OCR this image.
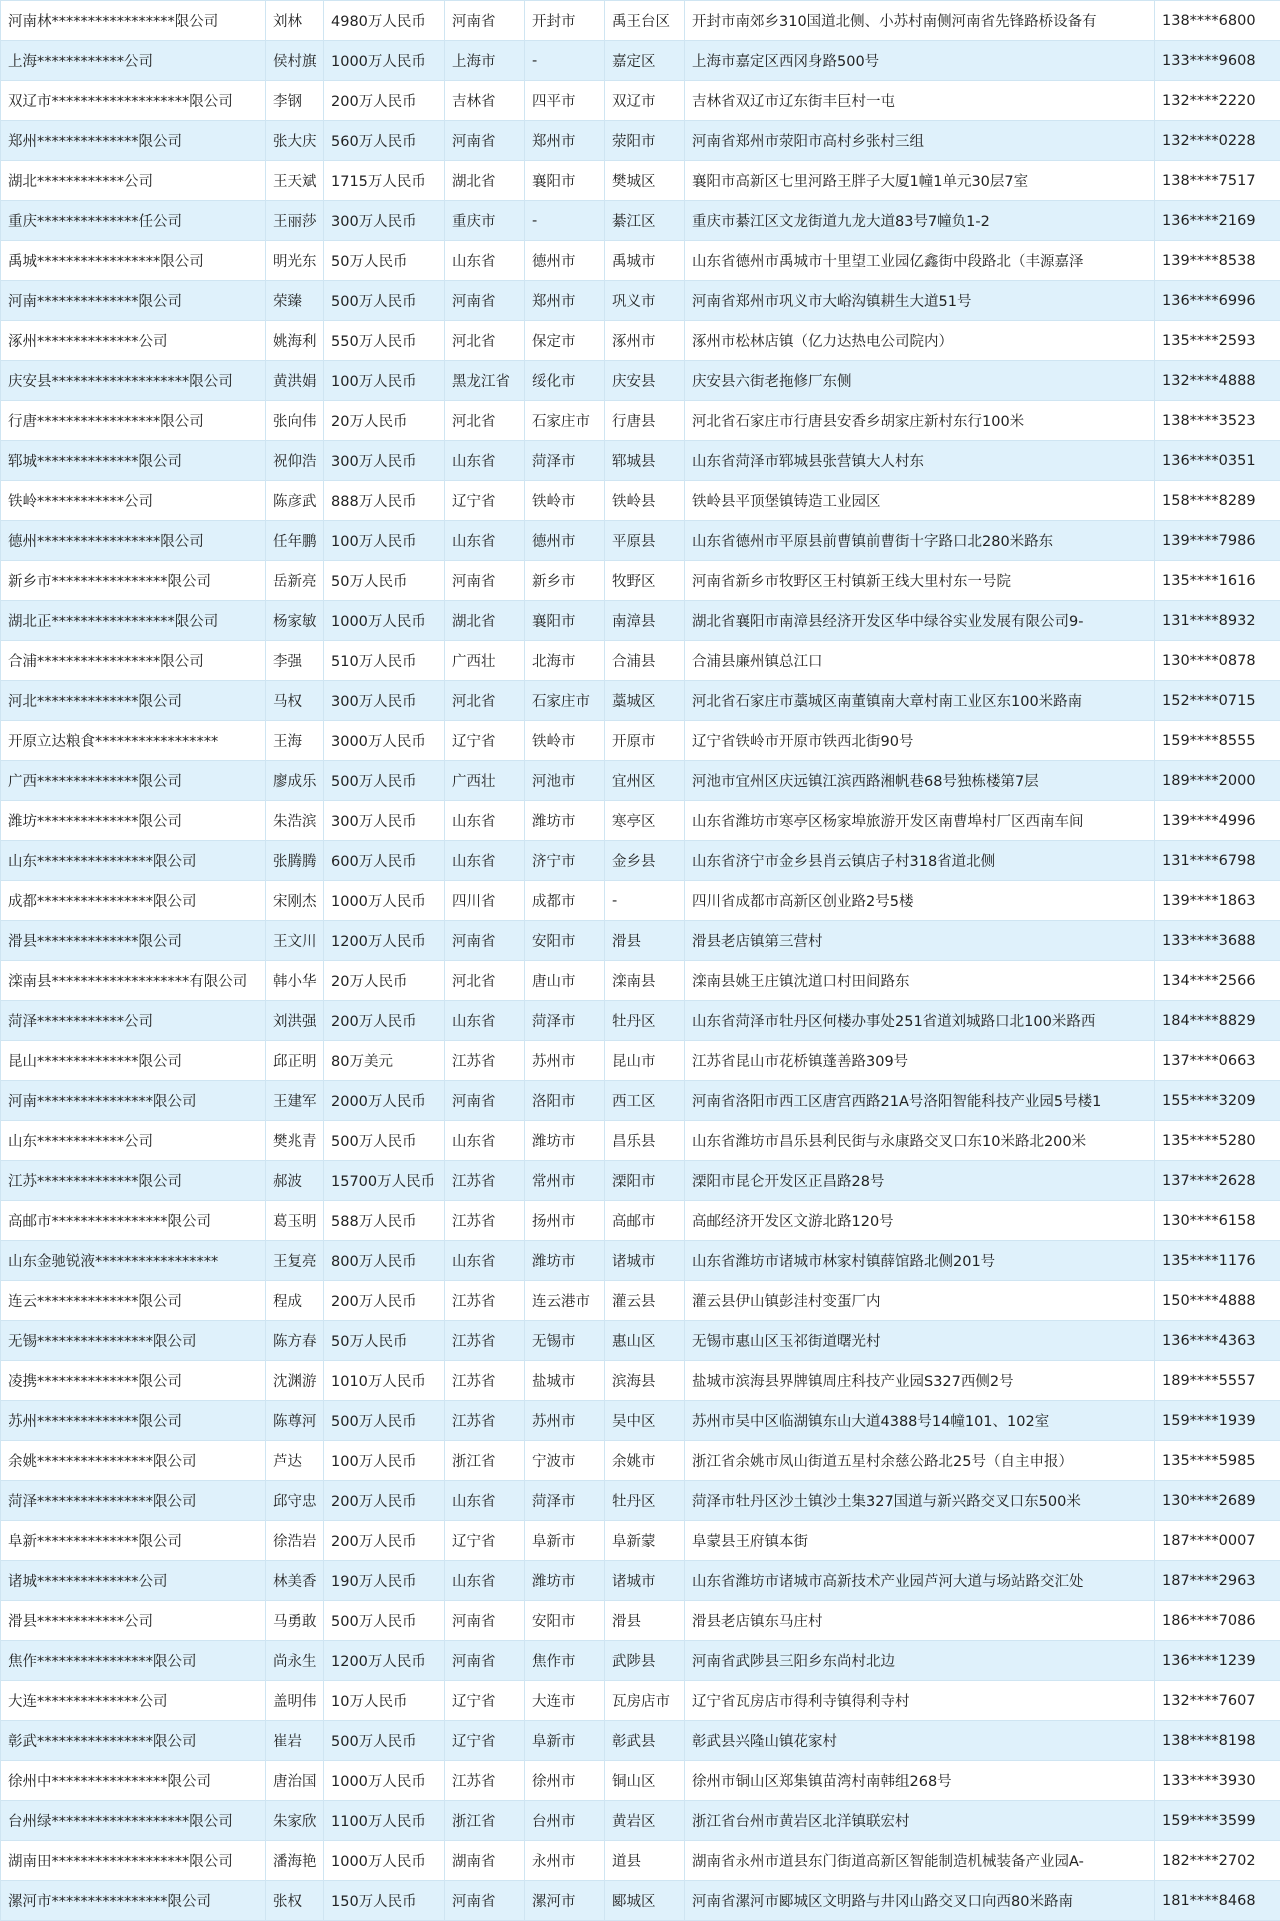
河南林*****************限公司	刘林	4980万人民币	河南省	开封市	禹王台区	开封市南郊乡310国道北侧、小苏村南侧河南省先锋路桥设备有	138****6800
上海************公司	侯村旗	1000万人民币	上海市	-	嘉定区	上海市嘉定区西冈身路500号	133****9608
双辽市*******************限公司	李钢	200万人民币	吉林省	四平市	双辽市	吉林省双辽市辽东街丰巨村一屯	132****2220
郑州**************限公司	张大庆	560万人民币	河南省	郑州市	荥阳市	河南省郑州市荥阳市高村乡张村三组	132****0228
湖北************公司	王天斌	1715万人民币	湖北省	襄阳市	樊城区	襄阳市高新区七里河路王胖子大厦1幢1单元30层7室	138****7517
重庆**************任公司	王丽莎	300万人民币	重庆市	-	綦江区	重庆市綦江区文龙街道九龙大道83号7幢负1-2	136****2169
禹城*****************限公司	明光东	50万人民币	山东省	德州市	禹城市	山东省德州市禹城市十里望工业园亿鑫街中段路北（丰源嘉泽	139****8538
河南**************限公司	荣臻	500万人民币	河南省	郑州市	巩义市	河南省郑州市巩义市大峪沟镇耕生大道51号	136****6996
涿州**************公司	姚海利	550万人民币	河北省	保定市	涿州市	涿州市松林店镇（亿力达热电公司院内）	135****2593
庆安县*******************限公司	黄洪娟	100万人民币	黑龙江省	绥化市	庆安县	庆安县六街老拖修厂东侧	132****4888
行唐*****************限公司	张向伟	20万人民币	河北省	石家庄市	行唐县	河北省石家庄市行唐县安香乡胡家庄新村东行100米	138****3523
郓城**************限公司	祝仰浩	300万人民币	山东省	菏泽市	郓城县	山东省菏泽市郓城县张营镇大人村东	136****0351
铁岭************公司	陈彦武	888万人民币	辽宁省	铁岭市	铁岭县	铁岭县平顶堡镇铸造工业园区	158****8289
德州*****************限公司	任年鹏	100万人民币	山东省	德州市	平原县	山东省德州市平原县前曹镇前曹街十字路口北280米路东	139****7986
新乡市****************限公司	岳新亮	50万人民币	河南省	新乡市	牧野区	河南省新乡市牧野区王村镇新王线大里村东一号院	135****1616
湖北正*****************限公司	杨家敏	1000万人民币	湖北省	襄阳市	南漳县	湖北省襄阳市南漳县经济开发区华中绿谷实业发展有限公司9-	131****8932
合浦*****************限公司	李强	510万人民币	广西壮	北海市	合浦县	合浦县廉州镇总江口	130****0878
河北**************限公司	马权	300万人民币	河北省	石家庄市	藁城区	河北省石家庄市藁城区南董镇南大章村南工业区东100米路南	152****0715
开原立达粮食*****************	王海	3000万人民币	辽宁省	铁岭市	开原市	辽宁省铁岭市开原市铁西北街90号	159****8555
广西**************限公司	廖成乐	500万人民币	广西壮	河池市	宜州区	河池市宜州区庆远镇江滨西路湘帆巷68号独栋楼第7层	189****2000
潍坊**************限公司	朱浩滨	300万人民币	山东省	潍坊市	寒亭区	山东省潍坊市寒亭区杨家埠旅游开发区南曹埠村厂区西南车间	139****4996
山东****************限公司	张腾腾	600万人民币	山东省	济宁市	金乡县	山东省济宁市金乡县肖云镇店子村318省道北侧	131****6798
成都****************限公司	宋刚杰	1000万人民币	四川省	成都市	-	四川省成都市高新区创业路2号5楼	139****1863
滑县**************限公司	王文川	1200万人民币	河南省	安阳市	滑县	滑县老店镇第三营村	133****3688
滦南县*******************有限公司	韩小华	20万人民币	河北省	唐山市	滦南县	滦南县姚王庄镇沈道口村田间路东	134****2566
菏泽************公司	刘洪强	200万人民币	山东省	菏泽市	牡丹区	山东省菏泽市牡丹区何楼办事处251省道刘城路口北100米路西	184****8829
昆山**************限公司	邱正明	80万美元	江苏省	苏州市	昆山市	江苏省昆山市花桥镇蓬善路309号	137****0663
河南****************限公司	王建军	2000万人民币	河南省	洛阳市	西工区	河南省洛阳市西工区唐宫西路21A号洛阳智能科技产业园5号楼1	155****3209
山东************公司	樊兆青	500万人民币	山东省	潍坊市	昌乐县	山东省潍坊市昌乐县利民街与永康路交叉口东10米路北200米	135****5280
江苏**************限公司	郝波	15700万人民币	江苏省	常州市	溧阳市	溧阳市昆仑开发区正昌路28号	137****2628
高邮市****************限公司	葛玉明	588万人民币	江苏省	扬州市	高邮市	高邮经济开发区文游北路120号	130****6158
山东金驰锐液*****************	王复亮	800万人民币	山东省	潍坊市	诸城市	山东省潍坊市诸城市林家村镇薛馆路北侧201号	135****1176
连云**************限公司	程成	200万人民币	江苏省	连云港市	灌云县	灌云县伊山镇彭洼村变蛋厂内	150****4888
无锡****************限公司	陈方春	50万人民币	江苏省	无锡市	惠山区	无锡市惠山区玉祁街道曙光村	136****4363
凌携**************限公司	沈渊游	1010万人民币	江苏省	盐城市	滨海县	盐城市滨海县界牌镇周庄科技产业园S327西侧2号	189****5557
苏州**************限公司	陈尊河	500万人民币	江苏省	苏州市	吴中区	苏州市吴中区临湖镇东山大道4388号14幢101、102室	159****1939
余姚****************限公司	芦达	100万人民币	浙江省	宁波市	余姚市	浙江省余姚市凤山街道五星村余慈公路北25号（自主申报）	135****5985
菏泽****************限公司	邱守忠	200万人民币	山东省	菏泽市	牡丹区	菏泽市牡丹区沙土镇沙土集327国道与新兴路交叉口东500米	130****2689
阜新**************限公司	徐浩岩	200万人民币	辽宁省	阜新市	阜新蒙	阜蒙县王府镇本街	187****0007
诸城**************公司	林美香	190万人民币	山东省	潍坊市	诸城市	山东省潍坊市诸城市高新技术产业园芦河大道与场站路交汇处	187****2963
滑县************公司	马勇敢	500万人民币	河南省	安阳市	滑县	滑县老店镇东马庄村	186****7086
焦作****************限公司	尚永生	1200万人民币	河南省	焦作市	武陟县	河南省武陟县三阳乡东尚村北边	136****1239
大连**************公司	盖明伟	10万人民币	辽宁省	大连市	瓦房店市	辽宁省瓦房店市得利寺镇得利寺村	132****7607
彰武****************限公司	崔岩	500万人民币	辽宁省	阜新市	彰武县	彰武县兴隆山镇花家村	138****8198
徐州中****************限公司	唐治国	1000万人民币	江苏省	徐州市	铜山区	徐州市铜山区郑集镇苗湾村南韩组268号	133****3930
台州绿*******************限公司	朱家欣	1100万人民币	浙江省	台州市	黄岩区	浙江省台州市黄岩区北洋镇联宏村	159****3599
湖南田*******************限公司	潘海艳	1000万人民币	湖南省	永州市	道县	湖南省永州市道县东门街道高新区智能制造机械装备产业园A-	182****2702
漯河市****************限公司	张权	150万人民币	河南省	漯河市	郾城区	河南省漯河市郾城区文明路与井冈山路交叉口向西80米路南	181****8468
